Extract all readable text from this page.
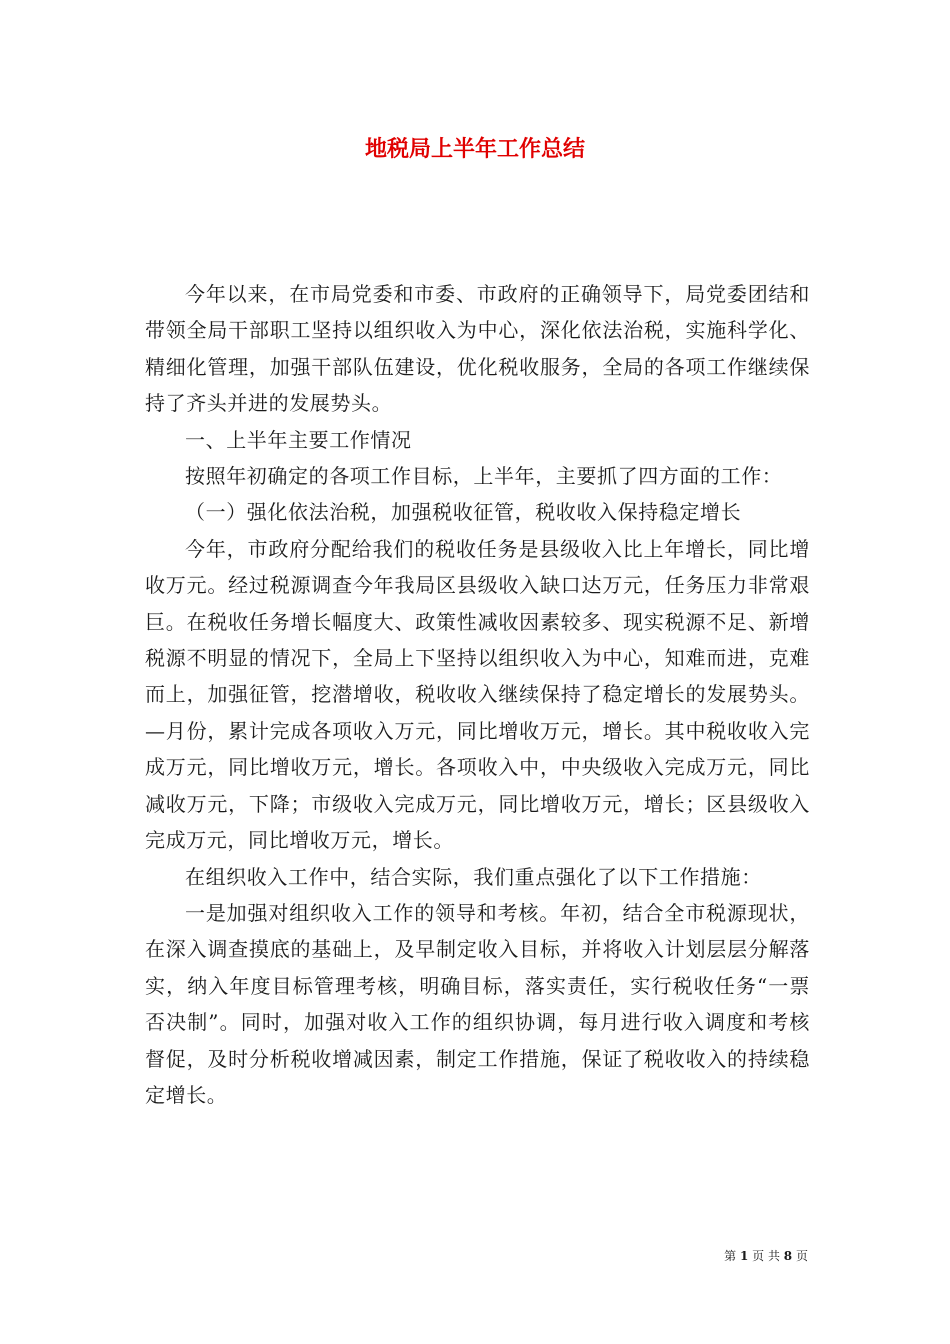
地税局上半年工作总结

今年以来，在市局党委和市委、市政府的正确领导下，局党委团结和带领全局干部职工坚持以组织收入为中心，深化依法治税，实施科学化、精细化管理，加强干部队伍建设，优化税收服务，全局的各项工作继续保持了齐头并进的发展势头。

一、上半年主要工作情况

按照年初确定的各项工作目标，上半年，主要抓了四方面的工作：

（一）强化依法治税，加强税收征管，税收收入保持稳定增长

今年，市政府分配给我们的税收任务是县级收入比上年增长，同比增收万元。经过税源调查今年我局区县级收入缺口达万元，任务压力非常艰巨。在税收任务增长幅度大、政策性减收因素较多、现实税源不足、新增税源不明显的情况下，全局上下坚持以组织收入为中心，知难而进，克难而上，加强征管，挖潜增收，税收收入继续保持了稳定增长的发展势头。—月份，累计完成各项收入万元，同比增收万元，增长。其中税收收入完成万元，同比增收万元，增长。各项收入中，中央级收入完成万元，同比减收万元，下降；市级收入完成万元，同比增收万元，增长；区县级收入完成万元，同比增收万元，增长。

在组织收入工作中，结合实际，我们重点强化了以下工作措施：

一是加强对组织收入工作的领导和考核。年初，结合全市税源现状，在深入调查摸底的基础上，及早制定收入目标，并将收入计划层层分解落实，纳入年度目标管理考核，明确目标，落实责任，实行税收任务“一票否决制”。同时，加强对收入工作的组织协调，每月进行收入调度和考核督促，及时分析税收增减因素，制定工作措施，保证了税收收入的持续稳定增长。

第 1 页 共 8 页
